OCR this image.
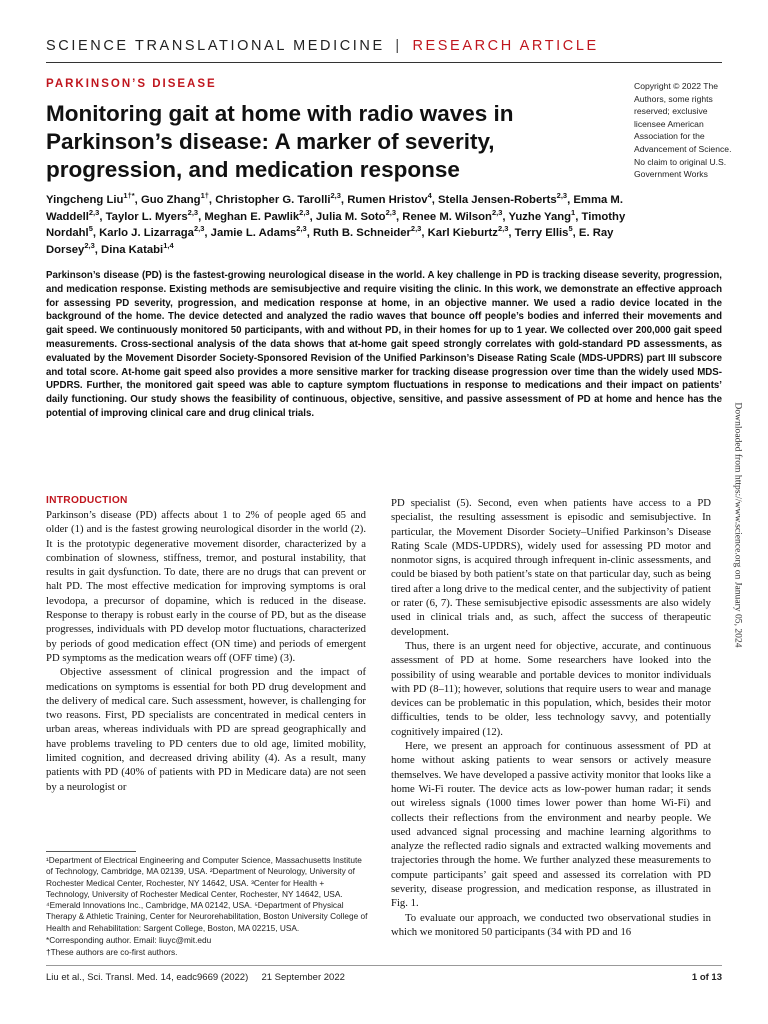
SCIENCE TRANSLATIONAL MEDICINE | RESEARCH ARTICLE
PARKINSON’S DISEASE
Monitoring gait at home with radio waves in Parkinson’s disease: A marker of severity, progression, and medication response
Copyright © 2022 The Authors, some rights reserved; exclusive licensee American Association for the Advancement of Science. No claim to original U.S. Government Works
Yingcheng Liu$^{1\dagger*}$, Guo Zhang$^{1\dagger}$, Christopher G. Tarolli$^{2,3}$, Rumen Hristov$^4$, Stella Jensen-Roberts$^{2,3}$, Emma M. Waddell$^{2,3}$, Taylor L. Myers$^{2,3}$, Meghan E. Pawlik$^{2,3}$, Julia M. Soto$^{2,3}$, Renee M. Wilson$^{2,3}$, Yuzhe Yang$^1$, Timothy Nordahl$^5$, Karlo J. Lizarraga$^{2,3}$, Jamie L. Adams$^{2,3}$, Ruth B. Schneider$^{2,3}$, Karl Kieburtz$^{2,3}$, Terry Ellis$^5$, E. Ray Dorsey$^{2,3}$, Dina Katabi$^{1,4}$

Parkinson’s disease (PD) is the fastest-growing neurological disease in the world. A key challenge in PD is tracking disease severity, progression, and medication response. Existing methods are semisubjective and require visiting the clinic. In this work, we demonstrate an effective approach for assessing PD severity, progression, and medication response at home, in an objective manner. We used a radio device located in the background of the home. The device detected and analyzed the radio waves that bounce off people’s bodies and inferred their movements and gait speed. We continuously monitored 50 participants, with and without PD, in their homes for up to 1 year. We collected over 200,000 gait speed measurements. Cross-sectional analysis of the data shows that at-home gait speed strongly correlates with gold-standard PD assessments, as evaluated by the Movement Disorder Society-Sponsored Revision of the Unified Parkinson’s Disease Rating Scale (MDS-UPDRS) part III subscore and total score. At-home gait speed also provides a more sensitive marker for tracking disease progression over time than the widely used MDS-UPDRS. Further, the monitored gait speed was able to capture symptom fluctuations in response to medications and their impact on patients’ daily functioning. Our study shows the feasibility of continuous, objective, sensitive, and passive assessment of PD at home and hence has the potential of improving clinical care and drug clinical trials.	Downloaded from https://www.science.org on January 05, 2024
INTRODUCTION

Parkinson’s disease (PD) affects about 1 to 2% of people aged 65 and older (1) and is the fastest growing neurological disorder in the world (2). It is the prototypic degenerative movement disorder, characterized by a combination of slowness, stiffness, tremor, and postural instability, that results in gait dysfunction. To date, there are no drugs that can prevent or halt PD. The most effective medication for improving symptoms is oral levodopa, a precursor of dopamine, which is reduced in the disease. Response to therapy is robust early in the course of PD, but as the disease progresses, individuals with PD develop motor fluctuations, characterized by periods of good medication effect (ON time) and periods of emergent PD symptoms as the medication wears off (OFF time) (3).

Objective assessment of clinical progression and the impact of medications on symptoms is essential for both PD drug development and the delivery of medical care. Such assessment, however, is challenging for two reasons. First, PD specialists are concentrated in medical centers in urban areas, whereas individuals with PD are spread geographically and have problems traveling to PD centers due to old age, limited mobility, limited cognition, and decreased driving ability (4). As a result, many patients with PD (40% of patients with PD in Medicare data) are not seen by a neurologist or

PD specialist (5). Second, even when patients have access to a PD specialist, the resulting assessment is episodic and semisubjective. In particular, the Movement Disorder Society–Unified Parkinson’s Disease Rating Scale (MDS-UPDRS), widely used for assessing PD motor and nonmotor signs, is acquired through infrequent in-clinic assessments, and could be biased by both patient’s state on that particular day, such as being tired after a long drive to the medical center, and the subjectivity of patient or rater (6, 7). These semisubjective episodic assessments are also widely used in clinical trials and, as such, affect the success of therapeutic development.

Thus, there is an urgent need for objective, accurate, and continuous assessment of PD at home. Some researchers have looked into the possibility of using wearable and portable devices to monitor individuals with PD (8–11); however, solutions that require users to wear and manage devices can be problematic in this population, which, besides their motor difficulties, tends to be older, less technology savvy, and potentially cognitively impaired (12).

Here, we present an approach for continuous assessment of PD at home without asking patients to wear sensors or actively measure themselves. We have developed a passive activity monitor that looks like a home Wi-Fi router. The device acts as low-power human radar; it sends out wireless signals (1000 times lower power than home Wi-Fi) and collects their reflections from the environment and nearby people. We used advanced signal processing and machine learning algorithms to analyze the reflected radio signals and extracted walking movements and trajectories through the home. We further analyzed these measurements to compute participants’ gait speed and assessed its correlation with PD severity, disease progression, and medication response, as illustrated in Fig. 1.

To evaluate our approach, we conducted two observational studies in which we monitored 50 participants (34 with PD and 16

¹Department of Electrical Engineering and Computer Science, Massachusetts Institute of Technology, Cambridge, MA 02139, USA. ²Department of Neurology, University of Rochester Medical Center, Rochester, NY 14642, USA. ³Center for Health + Technology, University of Rochester Medical Center, Rochester, NY 14642, USA. ⁴Emerald Innovations Inc., Cambridge, MA 02142, USA. ⁵Department of Physical Therapy & Athletic Training, Center for Neurorehabilitation, Boston University College of Health and Rehabilitation: Sargent College, Boston, MA 02215, USA.

*Corresponding author. Email: liuyc@mit.edu

†These authors are co-first authors.

Liu et al., Sci. Transl. Med. 14, eadc9669 (2022)     21 September 2022	1 of 13
